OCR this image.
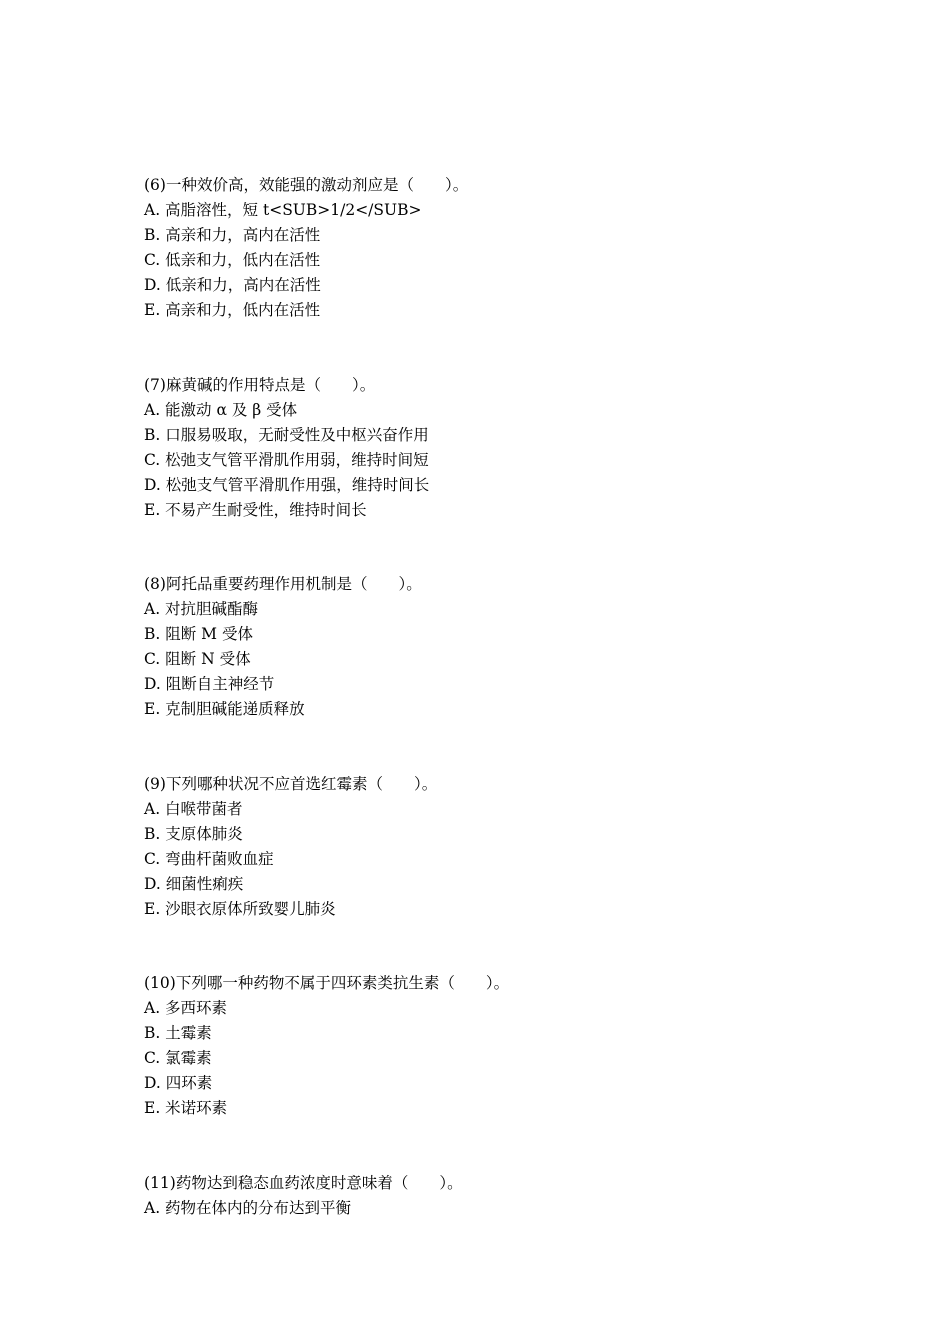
(6)一种效价高，效能强的激动剂应是（　　）。
A. 高脂溶性，短 t<SUB>1/2</SUB>
B. 高亲和力，高内在活性
C. 低亲和力，低内在活性
D. 低亲和力，高内在活性
E. 高亲和力，低内在活性
(7)麻黄碱的作用特点是（　　）。
A. 能激动 α 及 β 受体
B. 口服易吸取，无耐受性及中枢兴奋作用
C. 松弛支气管平滑肌作用弱，维持时间短
D. 松弛支气管平滑肌作用强，维持时间长
E. 不易产生耐受性，维持时间长
(8)阿托品重要药理作用机制是（　　）。
A. 对抗胆碱酯酶
B. 阻断 M 受体
C. 阻断 N 受体
D. 阻断自主神经节
E. 克制胆碱能递质释放
(9)下列哪种状况不应首选红霉素（　　）。
A. 白喉带菌者
B. 支原体肺炎
C. 弯曲杆菌败血症
D. 细菌性痢疾
E. 沙眼衣原体所致婴儿肺炎
(10)下列哪一种药物不属于四环素类抗生素（　　）。
A. 多西环素
B. 土霉素
C. 氯霉素
D. 四环素
E. 米诺环素
(11)药物达到稳态血药浓度时意味着（　　）。
A. 药物在体内的分布达到平衡
